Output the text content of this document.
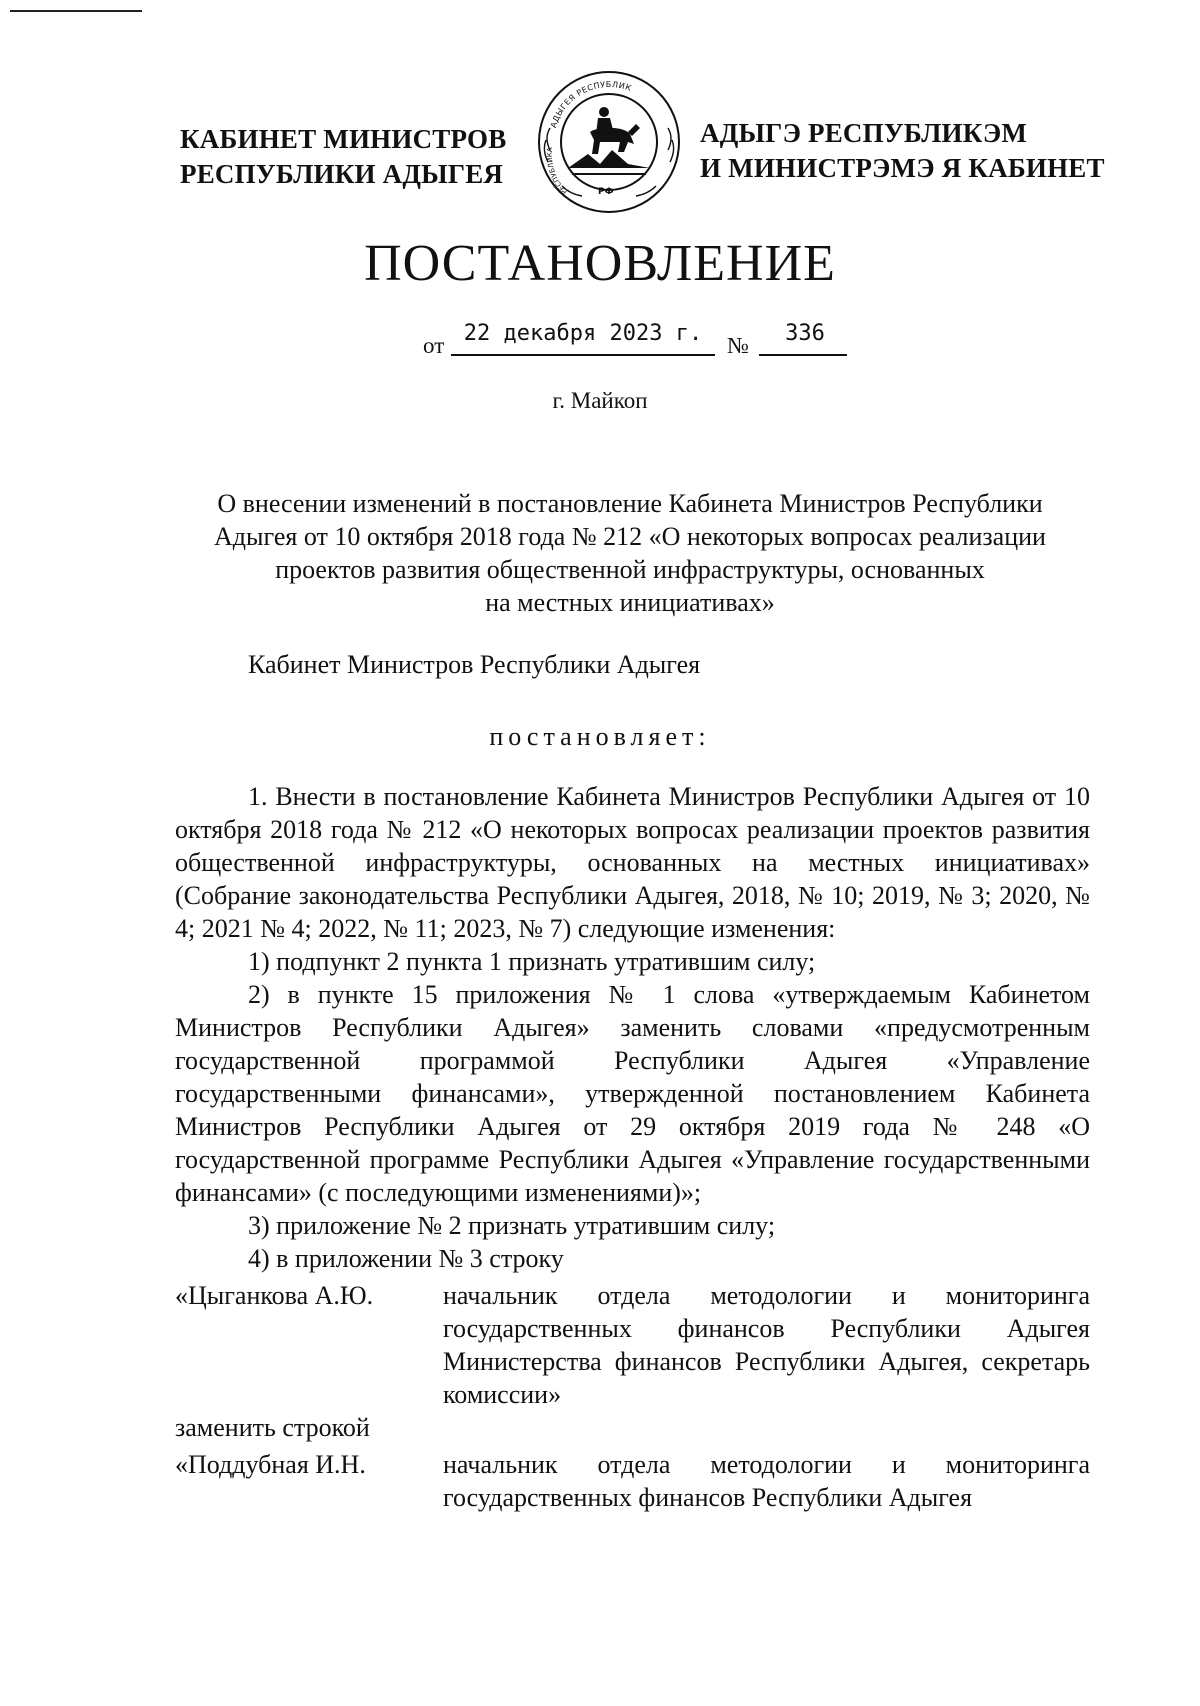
КАБИНЕТ МИНИСТРОВ
РЕСПУБЛИКИ АДЫГЕЯ
АДЫГЕЯ РЕСПУБЛИК
РЕСПУБЛИКА
РФ
АДЫГЭ РЕСПУБЛИКЭМ
И МИНИСТРЭМЭ Я КАБИНЕТ
ПОСТАНОВЛЕНИЕ
от 22 декабря 2023 г.	№	336
г. Майкоп
О внесении изменений в постановление Кабинета Министров Республики
Адыгея от 10 октября 2018 года № 212 «О некоторых вопросах реализации
проектов развития общественной инфраструктуры, основанных
на местных инициативах»
Кабинет Министров Республики Адыгея
постановляет:

1. Внести в постановление Кабинета Министров Республики Адыгея от 10 октября 2018 года № 212 «О некоторых вопросах реализации проектов развития общественной инфраструктуры, основанных на местных инициативах» (Собрание законодательства Республики Адыгея, 2018, № 10; 2019, № 3; 2020, № 4; 2021 № 4; 2022, № 11; 2023, № 7) следующие изменения:

1) подпункт 2 пункта 1 признать утратившим силу;

2) в пункте 15 приложения № 1 слова «утверждаемым Кабинетом Министров Республики Адыгея» заменить словами «предусмотренным государственной программой Республики Адыгея «Управление государственными финансами», утвержденной постановлением Кабинета Министров Республики Адыгея от 29 октября 2019 года № 248 «О государственной программе Республики Адыгея «Управление государственными финансами» (с последующими изменениями)»;

3) приложение № 2 признать утратившим силу;

4) в приложении № 3 строку

«Цыганкова А.Ю.	начальник отдела методологии и мониторинга государственных финансов Республики Адыгея Министерства финансов Республики Адыгея, секретарь комиссии»

заменить строкой

«Поддубная И.Н.	начальник отдела методологии и мониторинга государственных финансов Республики Адыгея
